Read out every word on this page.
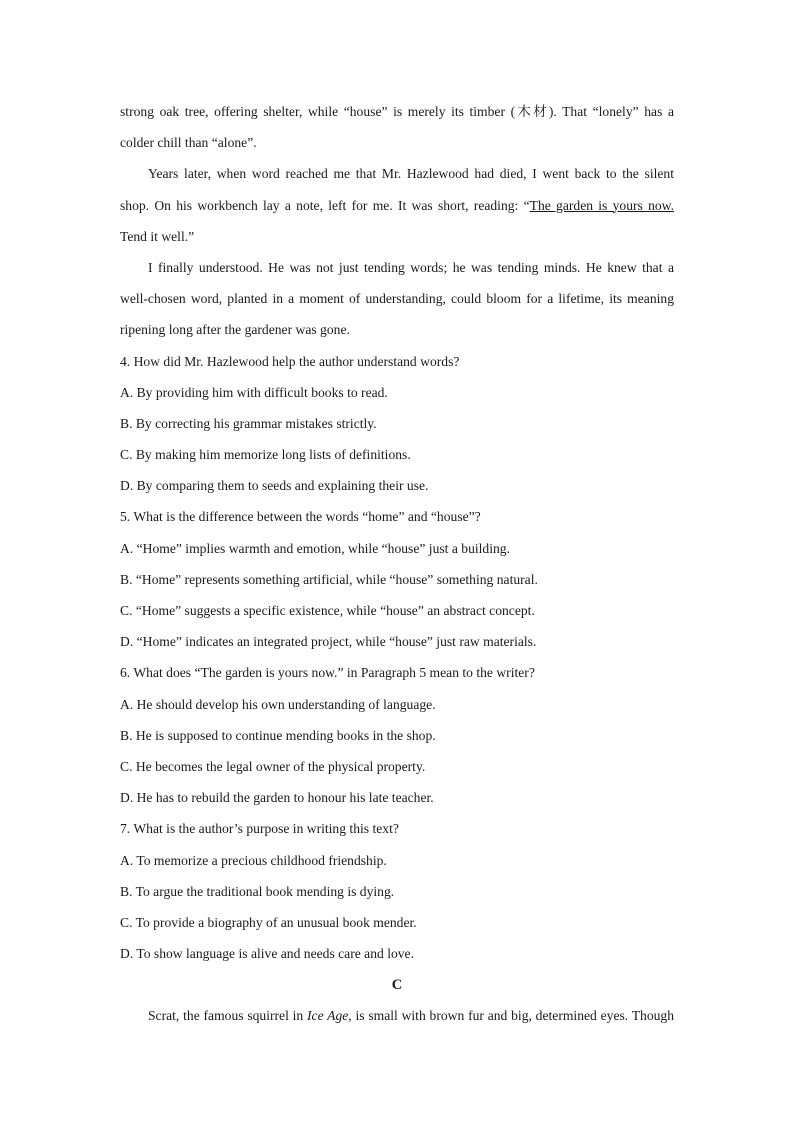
strong oak tree, offering shelter, while “house” is merely its timber (木材). That “lonely” has a
colder chill than “alone”.
Years later, when word reached me that Mr. Hazlewood had died, I went back to the silent
shop. On his workbench lay a note, left for me. It was short, reading: “The garden is yours now.
Tend it well.”
I finally understood. He was not just tending words; he was tending minds. He knew that a
well-chosen word, planted in a moment of understanding, could bloom for a lifetime, its meaning
ripening long after the gardener was gone.
4. How did Mr. Hazlewood help the author understand words?
A. By providing him with difficult books to read.
B. By correcting his grammar mistakes strictly.
C. By making him memorize long lists of definitions.
D. By comparing them to seeds and explaining their use.
5. What is the difference between the words “home” and “house”?
A. “Home” implies warmth and emotion, while “house” just a building.
B. “Home” represents something artificial, while “house” something natural.
C. “Home” suggests a specific existence, while “house” an abstract concept.
D. “Home” indicates an integrated project, while “house” just raw materials.
6. What does “The garden is yours now.” in Paragraph 5 mean to the writer?
A. He should develop his own understanding of language.
B. He is supposed to continue mending books in the shop.
C. He becomes the legal owner of the physical property.
D. He has to rebuild the garden to honour his late teacher.
7. What is the author’s purpose in writing this text?
A. To memorize a precious childhood friendship.
B. To argue the traditional book mending is dying.
C. To provide a biography of an unusual book mender.
D. To show language is alive and needs care and love.
C
Scrat, the famous squirrel in Ice Age, is small with brown fur and big, determined eyes. Though
